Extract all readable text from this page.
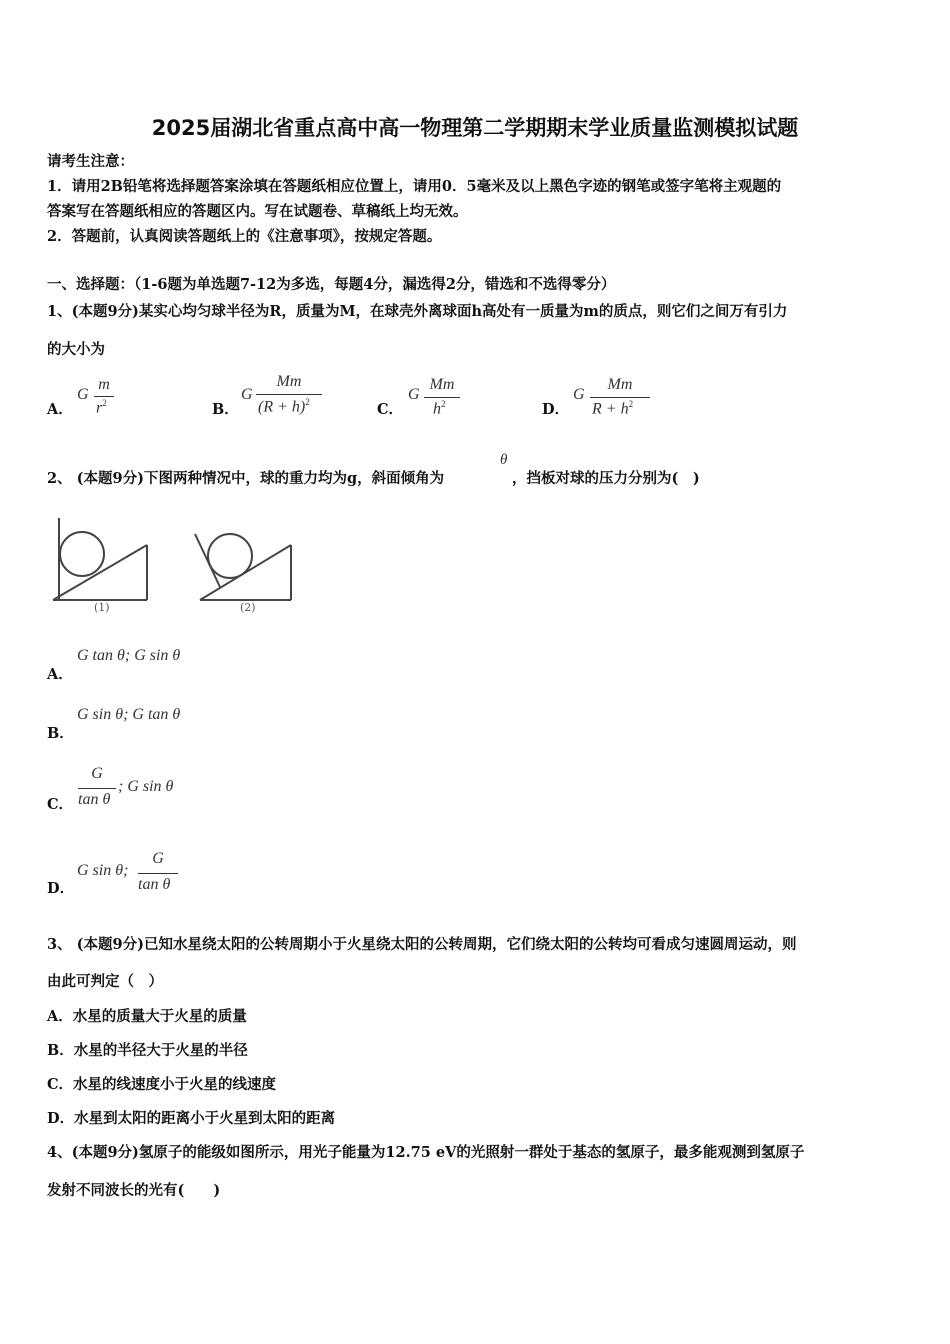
2025届湖北省重点高中高一物理第二学期期末学业质量监测模拟试题
请考生注意：
1．请用2B铅笔将选择题答案涂填在答题纸相应位置上，请用0．5毫米及以上黑色字迹的钢笔或签字笔将主观题的
答案写在答题纸相应的答题区内。写在试题卷、草稿纸上均无效。
2．答题前，认真阅读答题纸上的《注意事项》，按规定答题。
一、选择题：（1-6题为单选题7-12为多选，每题4分，漏选得2分，错选和不选得零分）
1、(本题9分)某实心均匀球半径为R，质量为M，在球壳外离球面h高处有一质量为m的质点，则它们之间万有引力
的大小为
A．
G
m
$r^2$	B．
G
Mm
$(R + h)^2$	C．
G
Mm
$h^2$	D．
G
Mm
$R + h^2$
2、 (本题9分)下图两种情况中，球的重力均为g，斜面倾角为
θ
，挡板对球的压力分别为(　)
(1)	(2)
A．
G tan θ; G sin θ
B．
G sin θ; G tan θ
C．
G
tan θ
; G sin θ
D．
G sin θ;
G
tan θ
3、 (本题9分)已知水星绕太阳的公转周期小于火星绕太阳的公转周期，它们绕太阳的公转均可看成匀速圆周运动，则
由此可判定（　）
A．水星的质量大于火星的质量
B．水星的半径大于火星的半径
C．水星的线速度小于火星的线速度
D．水星到太阳的距离小于火星到太阳的距离
4、(本题9分)氢原子的能级如图所示，用光子能量为12.75 eV的光照射一群处于基态的氢原子，最多能观测到氢原子
发射不同波长的光有(　　)
